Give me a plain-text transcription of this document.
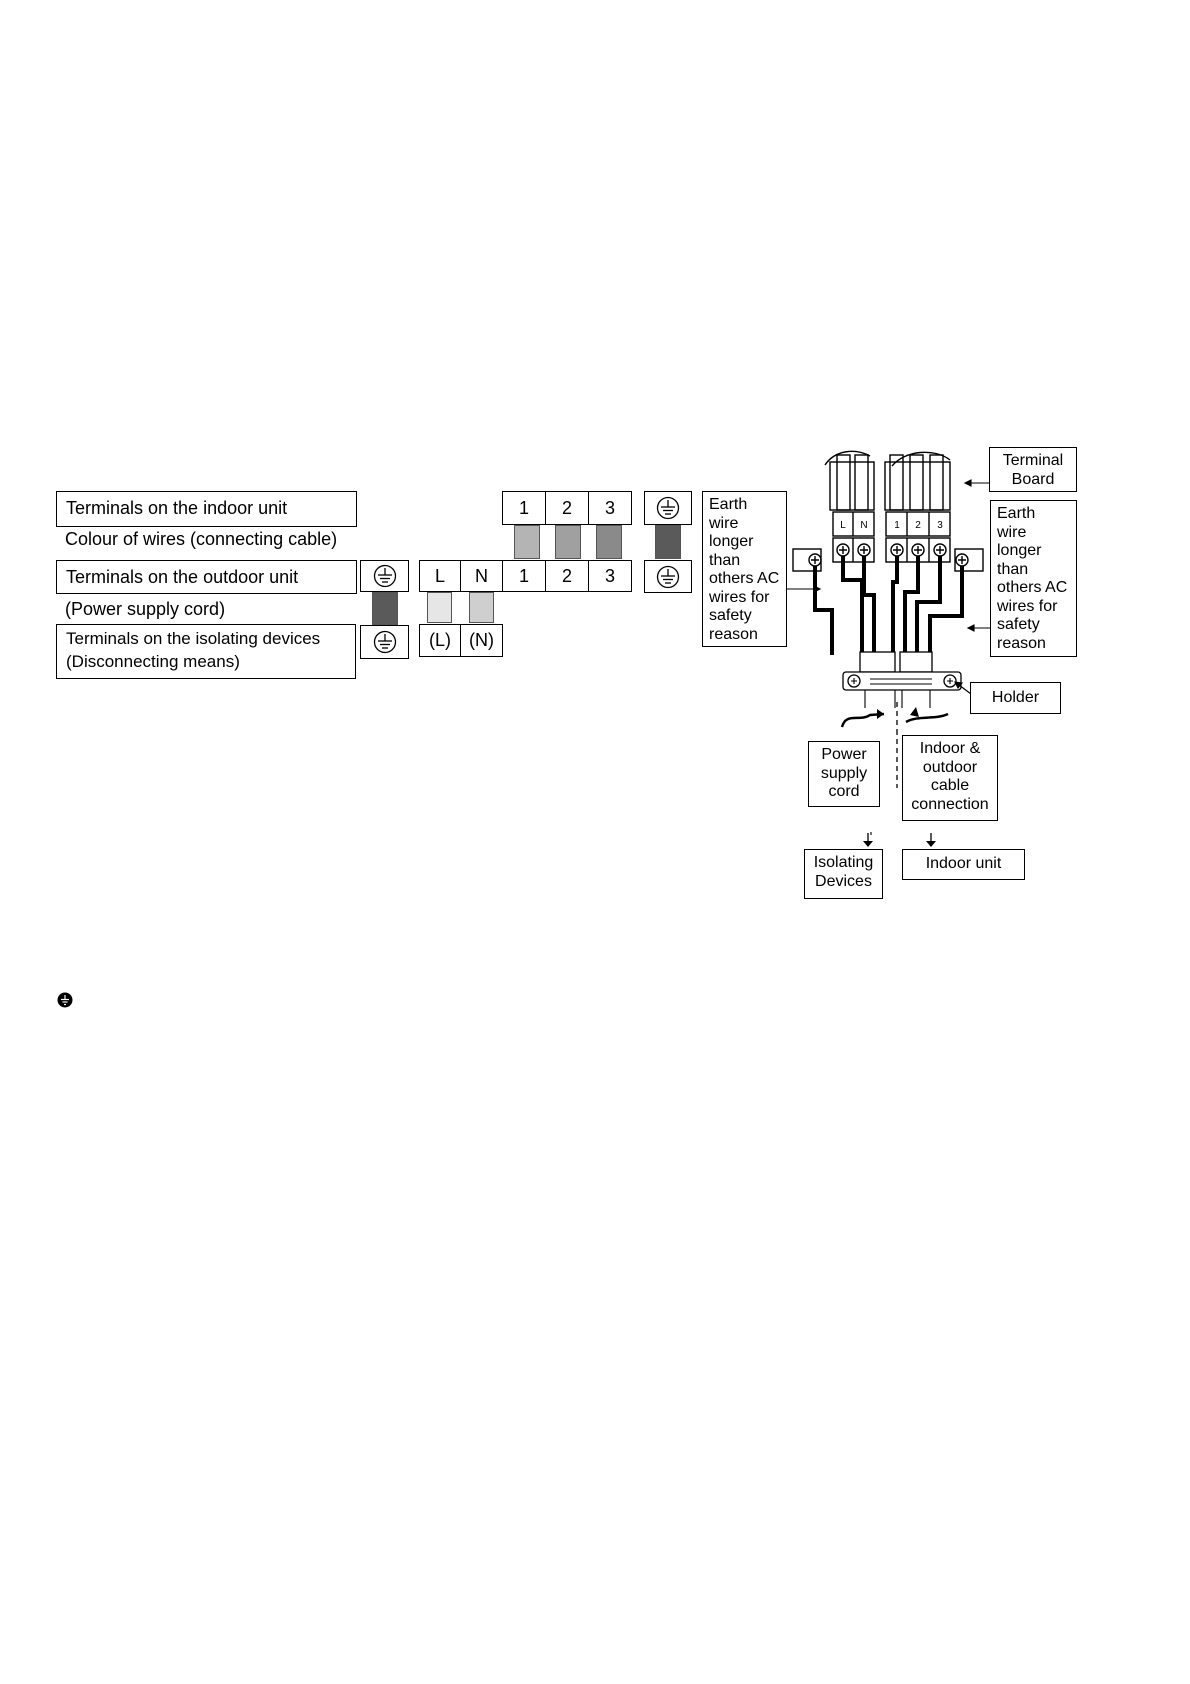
Terminals on the indoor unit
Colour of wires (connecting cable)
Terminals on the outdoor unit
(Power supply cord)
Terminals on the isolating devices
(Disconnecting means)
1	2	3
L	N	1	2	3
(L)	(N)
L N	1 2 3
Earth
wire
longer
than
others AC
wires for
safety
reason
Terminal
Board
Earth
wire
longer
than
others AC
wires for
safety
reason
Holder
Power
supply
cord
Indoor &
outdoor
cable
connection
Isolating
Devices
Indoor unit
